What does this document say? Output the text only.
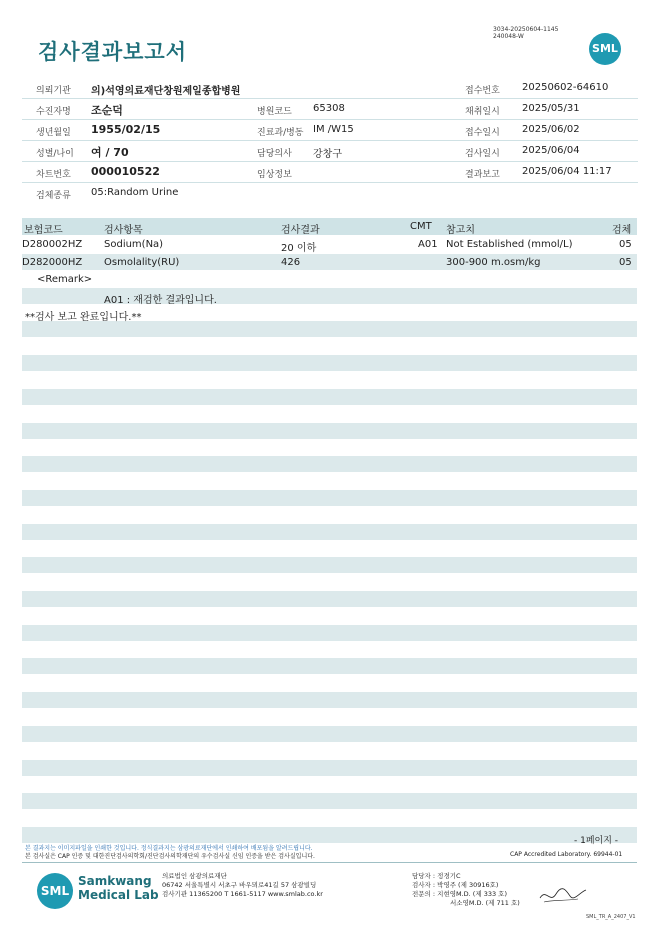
검사결과보고서
3034-20250604-1145
240048-W
SML
의뢰기관 의)석영의료재단창원제일종합병원	접수번호 20250602-64610
수진자명 조순덕	병원코드 65308	채취일시 2025/05/31
생년월일 1955/02/15	진료과/병동 IM /W15	접수일시 2025/06/02
성별/나이 여 / 70	담당의사 강창구	검사일시 2025/06/04
차트번호 000010522	임상정보	결과보고 2025/06/04 11:17
검체종류 05:Random Urine
보험코드	검사항목	검사결과	CMT 참고치	검체
D280002HZ Sodium(Na)	20 이하	A01 Not Established (mmol/L)	05
D282000HZ Osmolality(RU)	426	300-900 m.osm/kg	05
<Remark>
A01 : 재검한 결과입니다.
**검사 보고 완료입니다.**
- 1페이지 -
본 결과지는 이미지파일을 인쇄한 것입니다. 정식결과지는 삼광의료재단에서 인쇄하여 배포됨을 알려드립니다.
본 검사실은 CAP 인증 및 대한진단검사의학회/진단검사의학재단의 우수검사실 신임 인증을 받은 검사실입니다.	CAP Accredited Laboratory. 69944-01
SML
Samkwang
Medical Lab
의료법인 삼광의료재단
06742 서울특별시 서초구 바우뫼로41길 57 삼광빌딩
검사기관 11365200 T 1661-5117 www.smlab.co.kr
담당자 : 정경기C
검사자 : 박영주 (제 30916호)
전문의 : 지현영M.D. (제 333 호)
서소영M.D. (제 711 호)
SML_TR_A_2407_V1
